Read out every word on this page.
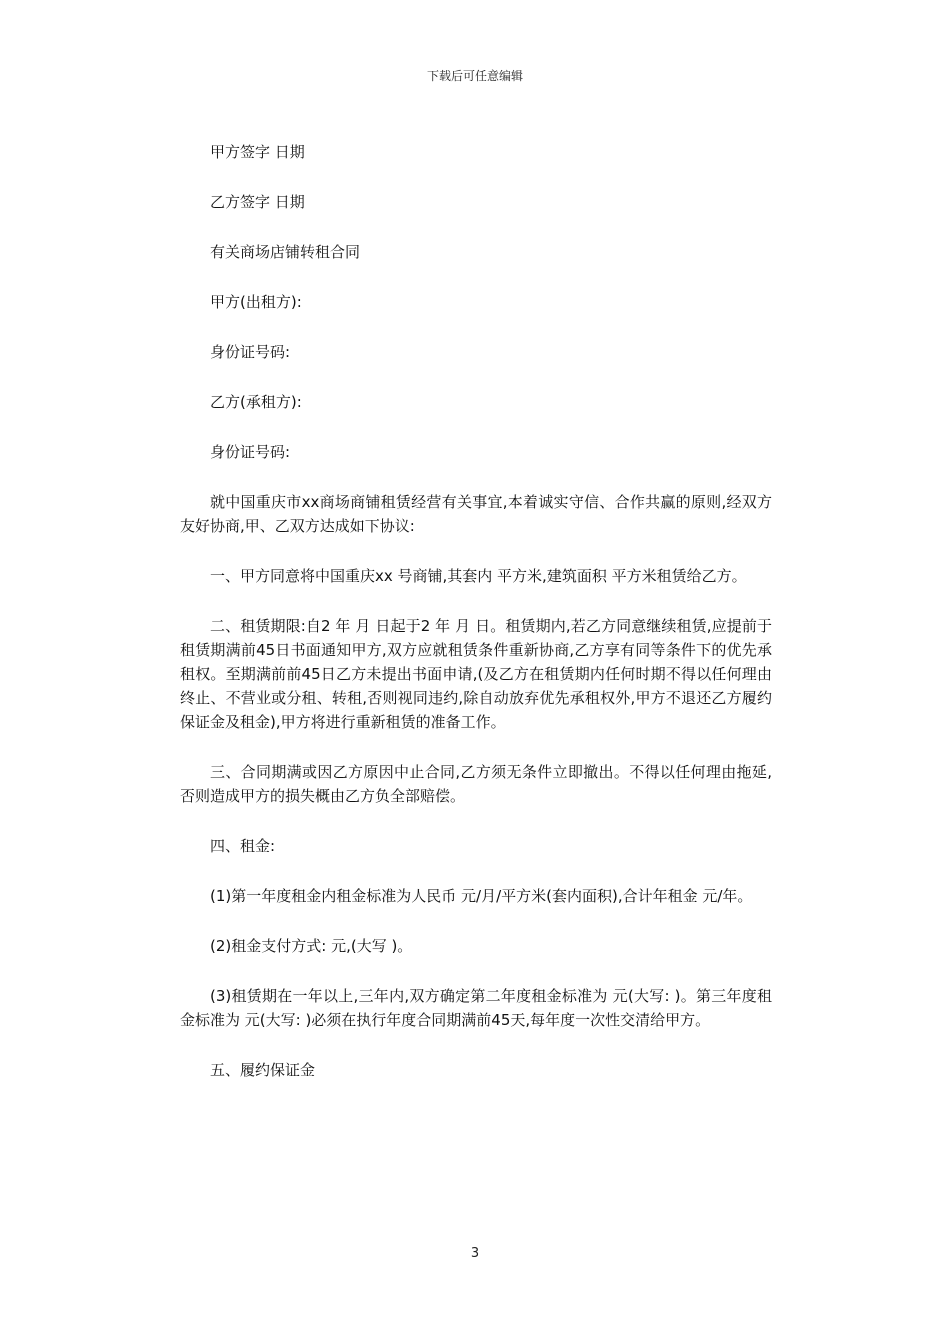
下载后可任意编辑

甲方签字 日期

乙方签字 日期

有关商场店铺转租合同

甲方(出租方):

身份证号码:

乙方(承租方):

身份证号码:

就中国重庆市xx商场商铺租赁经营有关事宜,本着诚实守信、合作共赢的原则,经双方友好协商,甲、乙双方达成如下协议:

一、甲方同意将中国重庆xx 号商铺,其套内 平方米,建筑面积 平方米租赁给乙方。

二、租赁期限:自2 年 月 日起于2 年 月 日。租赁期内,若乙方同意继续租赁,应提前于租赁期满前45日书面通知甲方,双方应就租赁条件重新协商,乙方享有同等条件下的优先承租权。至期满前前45日乙方未提出书面申请,(及乙方在租赁期内任何时期不得以任何理由终止、不营业或分租、转租,否则视同违约,除自动放弃优先承租权外,甲方不退还乙方履约保证金及租金),甲方将进行重新租赁的准备工作。

三、合同期满或因乙方原因中止合同,乙方须无条件立即撤出。不得以任何理由拖延,否则造成甲方的损失概由乙方负全部赔偿。

四、租金:

(1)第一年度租金内租金标准为人民币 元/月/平方米(套内面积),合计年租金 元/年。

(2)租金支付方式: 元,(大写 )。

(3)租赁期在一年以上,三年内,双方确定第二年度租金标准为 元(大写: )。第三年度租金标准为 元(大写: )必须在执行年度合同期满前45天,每年度一次性交清给甲方。

五、履约保证金

3
